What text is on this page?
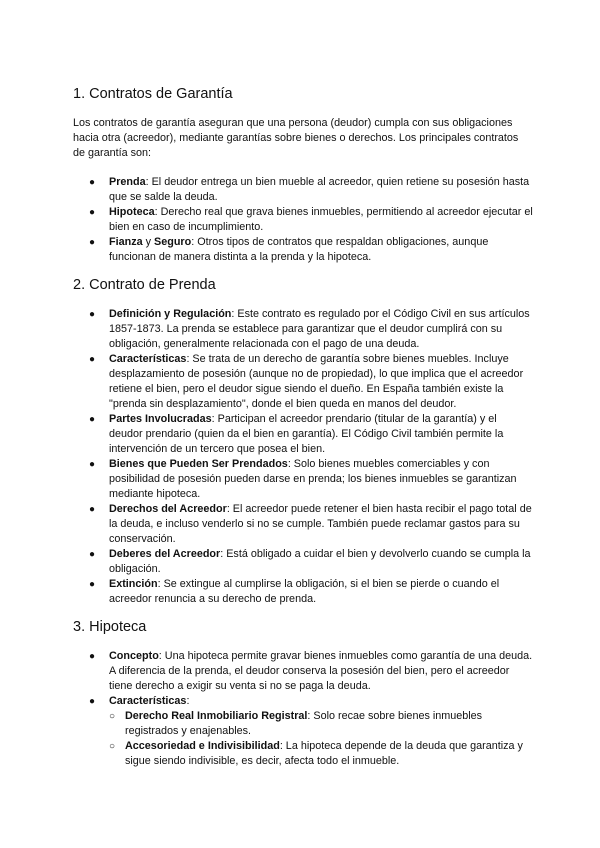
1. Contratos de Garantía

Los contratos de garantía aseguran que una persona (deudor) cumpla con sus obligaciones hacia otra (acreedor), mediante garantías sobre bienes o derechos. Los principales contratos de garantía son:

● Prenda: El deudor entrega un bien mueble al acreedor, quien retiene su posesión hasta que se salde la deuda.
● Hipoteca: Derecho real que grava bienes inmuebles, permitiendo al acreedor ejecutar el bien en caso de incumplimiento.
● Fianza y Seguro: Otros tipos de contratos que respaldan obligaciones, aunque funcionan de manera distinta a la prenda y la hipoteca.
2. Contrato de Prenda
● Definición y Regulación: Este contrato es regulado por el Código Civil en sus artículos 1857-1873. La prenda se establece para garantizar que el deudor cumplirá con su obligación, generalmente relacionada con el pago de una deuda.
● Características: Se trata de un derecho de garantía sobre bienes muebles. Incluye desplazamiento de posesión (aunque no de propiedad), lo que implica que el acreedor retiene el bien, pero el deudor sigue siendo el dueño. En España también existe la "prenda sin desplazamiento", donde el bien queda en manos del deudor.
● Partes Involucradas: Participan el acreedor prendario (titular de la garantía) y el deudor prendario (quien da el bien en garantía). El Código Civil también permite la intervención de un tercero que posea el bien.
● Bienes que Pueden Ser Prendados: Solo bienes muebles comerciables y con posibilidad de posesión pueden darse en prenda; los bienes inmuebles se garantizan mediante hipoteca.
● Derechos del Acreedor: El acreedor puede retener el bien hasta recibir el pago total de la deuda, e incluso venderlo si no se cumple. También puede reclamar gastos para su conservación.
● Deberes del Acreedor: Está obligado a cuidar el bien y devolverlo cuando se cumpla la obligación.
● Extinción: Se extingue al cumplirse la obligación, si el bien se pierde o cuando el acreedor renuncia a su derecho de prenda.
3. Hipoteca
● Concepto: Una hipoteca permite gravar bienes inmuebles como garantía de una deuda. A diferencia de la prenda, el deudor conserva la posesión del bien, pero el acreedor tiene derecho a exigir su venta si no se paga la deuda.
● Características:
○ Derecho Real Inmobiliario Registral: Solo recae sobre bienes inmuebles registrados y enajenables.
○ Accesoriedad e Indivisibilidad: La hipoteca depende de la deuda que garantiza y sigue siendo indivisible, es decir, afecta todo el inmueble.
